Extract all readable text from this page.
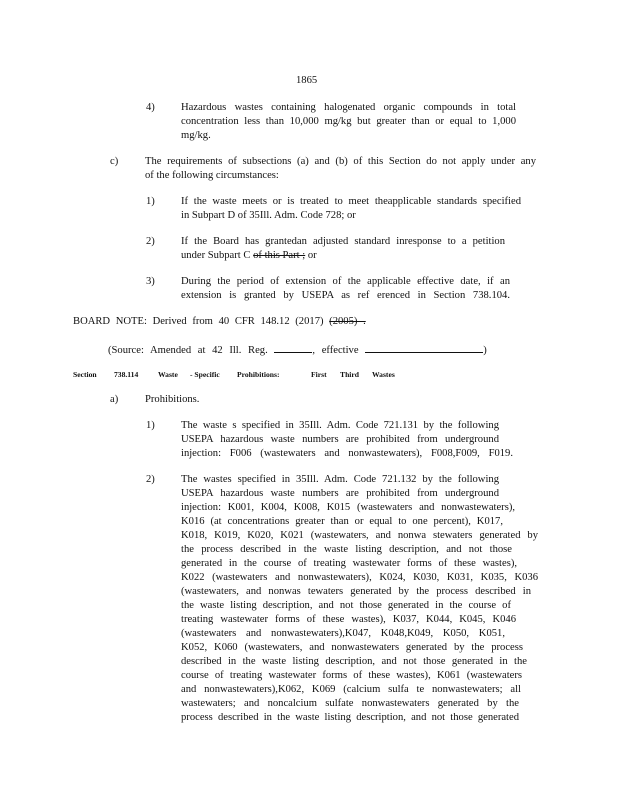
1865
4) Hazardous wastes containing halogenated organic compounds in total
concentration less than 10,000 mg/kg but greater than or equal to 1,000
mg/kg.
c)	The requirements of subsections (a) and (b) of this Section do not apply under any
of the following circumstances:
1) If the waste meets or is treated to meet theapplicable standards specified
in Subpart D of 35Ill. Adm. Code 728; or
2) If the Board has grantedan adjusted standard inresponse to a petition
under Subpart C of this Part ; or
3) During the period of extension of the applicable effective date, if an
extension is granted by USEPA as ref erenced in Section 738.104.
BOARD NOTE: Derived from 40 CFR 148.12 (2017) (2005) .
(Source: Amended at 42 Ill. Reg.	, effective	)
Section 738.114	Waste - Specific Prohibitions:	First Third Wastes
a)	Prohibitions.
1) The waste s specified in 35Ill. Adm. Code 721.131 by the following
USEPA hazardous waste numbers are prohibited from underground
injection: F006 (wastewaters and nonwastewaters), F008,F009, F019.
2) The wastes specified in 35Ill. Adm. Code 721.132 by the following
USEPA hazardous waste numbers are prohibited from underground
injection: K001, K004, K008, K015 (wastewaters and nonwastewaters),
K016 (at concentrations greater than or equal to one percent), K017,
K018, K019, K020, K021 (wastewaters, and nonwa stewaters generated by
the process described in the waste listing description, and not those
generated in the course of treating wastewater forms of these wastes),
K022 (wastewaters and nonwastewaters), K024, K030, K031, K035, K036
(wastewaters, and nonwas tewaters generated by the process described in
the waste listing description, and not those generated in the course of
treating wastewater forms of these wastes), K037, K044, K045, K046
(wastewaters and nonwastewaters),K047, K048,K049, K050, K051,
K052, K060 (wastewaters, and nonwastewaters generated by the process
described in the waste listing description, and not those generated in the
course of treating wastewater forms of these wastes), K061 (wastewaters
and nonwastewaters),K062, K069 (calcium sulfa te nonwastewaters; all
wastewaters; and noncalcium sulfate nonwastewaters generated by the
process described in the waste listing description, and not those generated
